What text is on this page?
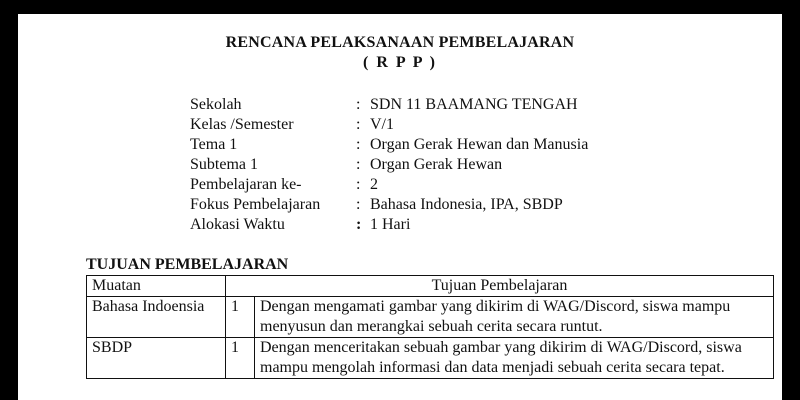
RENCANA PELAKSANAAN PEMBELAJARAN
( R P P )
Sekolah	: SDN 11 BAAMANG TENGAH
Kelas /Semester	: V/1
Tema 1	: Organ Gerak Hewan dan Manusia
Subtema 1	: Organ Gerak Hewan
Pembelajaran ke-	: 2
Fokus Pembelajaran	: Bahasa Indonesia, IPA, SBDP
Alokasi Waktu	: 1 Hari
TUJUAN PEMBELAJARAN
Muatan	Tujuan Pembelajaran	
Bahasa Indoensia	1	Dengan mengamati gambar yang dikirim di WAG/Discord, siswa mampu menyusun dan merangkai sebuah cerita secara runtut.
SBDP	1	Dengan menceritakan sebuah gambar yang dikirim di WAG/Discord, siswa mampu mengolah informasi dan data menjadi sebuah cerita secara tepat.
